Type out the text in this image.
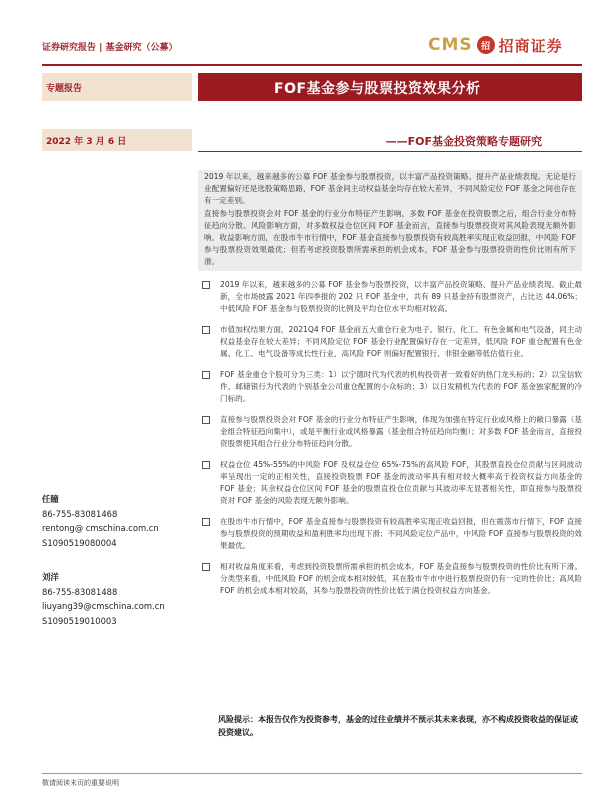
证券研究报告 | 基金研究（公募）	CMS 招 招商证券
专题报告	FOF基金参与股票投资效果分析
2022 年 3 月 6 日	——FOF基金投资策略专题研究

2019 年以来，越来越多的公募 FOF 基金参与股票投资，以丰富产品投资策略、提升产品业绩表现。无论是行业配置偏好还是选股策略思路，FOF 基金间主动权益基金均存在较大差异，不同风险定位 FOF 基金之间也存在有一定差别。

直接参与股票投资会对 FOF 基金的行业分布特征产生影响，多数 FOF 基金在投资股票之后，组合行业分布特征趋向分散。风险影响方面，对多数权益仓位区间 FOF 基金而言，直接参与股票投资对其风险表现无额外影响。收益影响方面，在股市牛市行情中，FOF 基金直接参与股票投资有较高胜率实现正收益回报，中风险 FOF 参与股票投资效果最优；但若考虑投资股票所需承担的机会成本，FOF 基金参与股票投资的性价比则有所下滑。

2019 年以来，越来越多的公募 FOF 基金参与股票投资，以丰富产品投资策略、提升产品业绩表现。截止最新，全市场披露 2021 年四季报的 202 只 FOF 基金中，共有 89 只基金持有股票资产，占比达 44.06%；中低风险 FOF 基金参与股票投资的比例及平均仓位水平均相对较高。
市值加权结果方面，2021Q4 FOF 基金前五大重仓行业为电子、银行、化工、有色金属和电气设备，同主动权益基金存在较大差异；不同风险定位 FOF 基金行业配置偏好存在一定差异，低风险 FOF 重仓配置有色金属、化工、电气设备等成长性行业，高风险 FOF 则偏好配置银行、非银金融等低估值行业。
FOF 基金重仓个股可分为三类：1）以宁德时代为代表的机构投资者一致看好的热门龙头标的；2）以宝信软件、邮储银行为代表的个别基金公司重仓配置的小众标的；3）以日发精机为代表的 FOF 基金独家配置的冷门标的。
直接参与股票投资会对 FOF 基金的行业分布特征产生影响，体现为加强在特定行业或风格上的敞口暴露（基金组合特征趋向集中），或是平衡行业或风格暴露（基金组合特征趋向均衡）；对多数 FOF 基金而言，直接投资股票使其组合行业分布特征趋向分散。
权益仓位 45%-55%的中风险 FOF 及权益仓位 65%-75%的高风险 FOF，其股票直投仓位贡献与区间波动率呈现出一定的正相关性，直接投资股票 FOF 基金的波动率具有相对较大概率高于投资权益方向基金的 FOF 基金；其余权益仓位区间 FOF 基金的股票直投仓位贡献与其波动率无显著相关性，即直接参与股票投资对 FOF 基金的风险表现无额外影响。
在股市牛市行情中，FOF 基金直接参与股票投资有较高胜率实现正收益回报，但在震荡市行情下，FOF 直接参与股票投资的预期收益和盈利胜率均出现下滑；不同风险定位产品中，中风险 FOF 直接参与股票投资的效果最优。
相对收益角度来看，考虑到投资股票所需承担的机会成本，FOF 基金直接参与股票投资的性价比有所下滑。分类型来看，中低风险 FOF 的机会成本相对较低，其在股市牛市中进行股票投资仍有一定的性价比；高风险 FOF 的机会成本相对较高，其参与股票投资的性价比低于满仓投资权益方向基金。
风险提示：本报告仅作为投资参考，基金的过往业绩并不预示其未来表现，亦不构成投资收益的保证或投资建议。
任瞳
86-755-83081468
rentong@ cmschina.com.cn
S1090519080004
刘洋
86-755-83081488
liuyang39@cmschina.com.cn
S1090519010003
敬请阅读末页的重要说明
